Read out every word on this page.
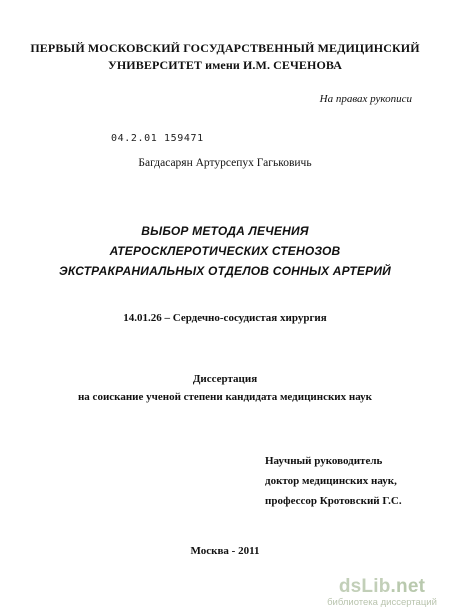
ПЕРВЫЙ МОСКОВСКИЙ ГОСУДАРСТВЕННЫЙ МЕДИЦИНСКИЙ
УНИВЕРСИТЕТ имени И.М. СЕЧЕНОВА
На правах рукописи
04.2.01 159471
Багдасарян Артурсепух Гагьковичь
ВЫБОР МЕТОДА ЛЕЧЕНИЯ
АТЕРОСКЛЕРОТИЧЕСКИХ СТЕНОЗОВ
ЭКСТРАКРАНИАЛЬНЫХ ОТДЕЛОВ СОННЫХ АРТЕРИЙ
14.01.26 – Сердечно-сосудистая хирургия
Диссертация
на соискание ученой степени кандидата медицинских наук
Научный руководитель
доктор медицинских наук,
профессор Кротовский Г.С.
Москва - 2011
dsLib.net
библиотека диссертаций
